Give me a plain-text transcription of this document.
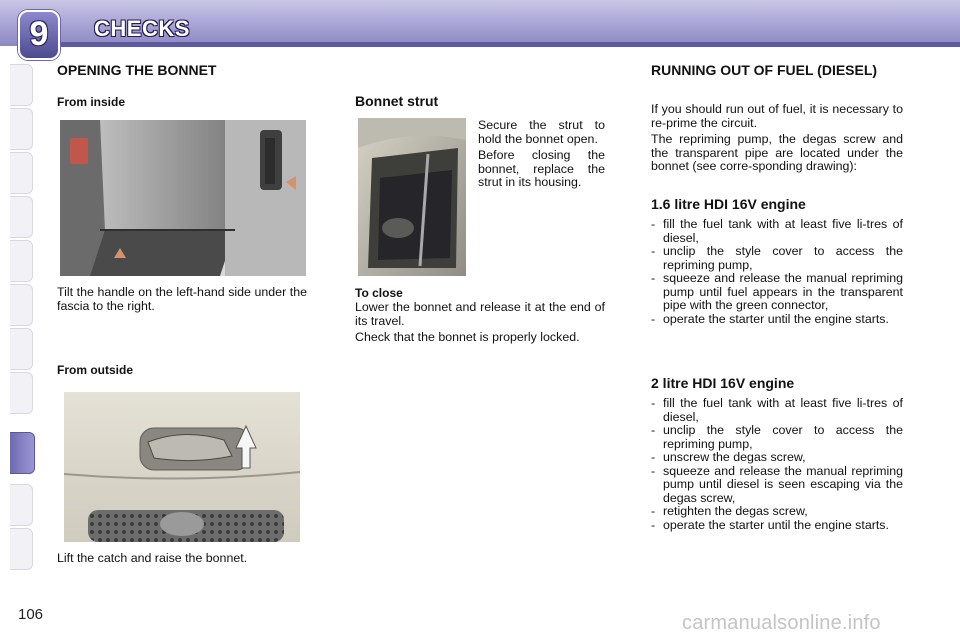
9	CHECKS
OPENING THE BONNET
From inside
Tilt the handle on the left-hand side under the fascia to the right.
From outside
Lift the catch and raise the bonnet.
Bonnet strut

Secure the strut to hold the bonnet open.

Before closing the bonnet, replace the strut in its housing.

To close

Lower the bonnet and release it at the end of its travel.

Check that the bonnet is properly locked.

RUNNING OUT OF FUEL (DIESEL)

If you should run out of fuel, it is necessary to re-prime the circuit.

The repriming pump, the degas screw and the transparent pipe are located under the bonnet (see corre-sponding drawing):

1.6 litre HDI 16V engine
- fill the fuel tank with at least five li-tres of diesel,
- unclip the style cover to access the repriming pump,
- squeeze and release the manual repriming pump until fuel appears in the transparent pipe with the green connector,
- operate the starter until the engine starts.
2 litre HDI 16V engine
- fill the fuel tank with at least five li-tres of diesel,
- unclip the style cover to access the repriming pump,
- unscrew the degas screw,
- squeeze and release the manual repriming pump until diesel is seen escaping via the degas screw,
- retighten the degas screw,
- operate the starter until the engine starts.
106	carmanualsonline.info
